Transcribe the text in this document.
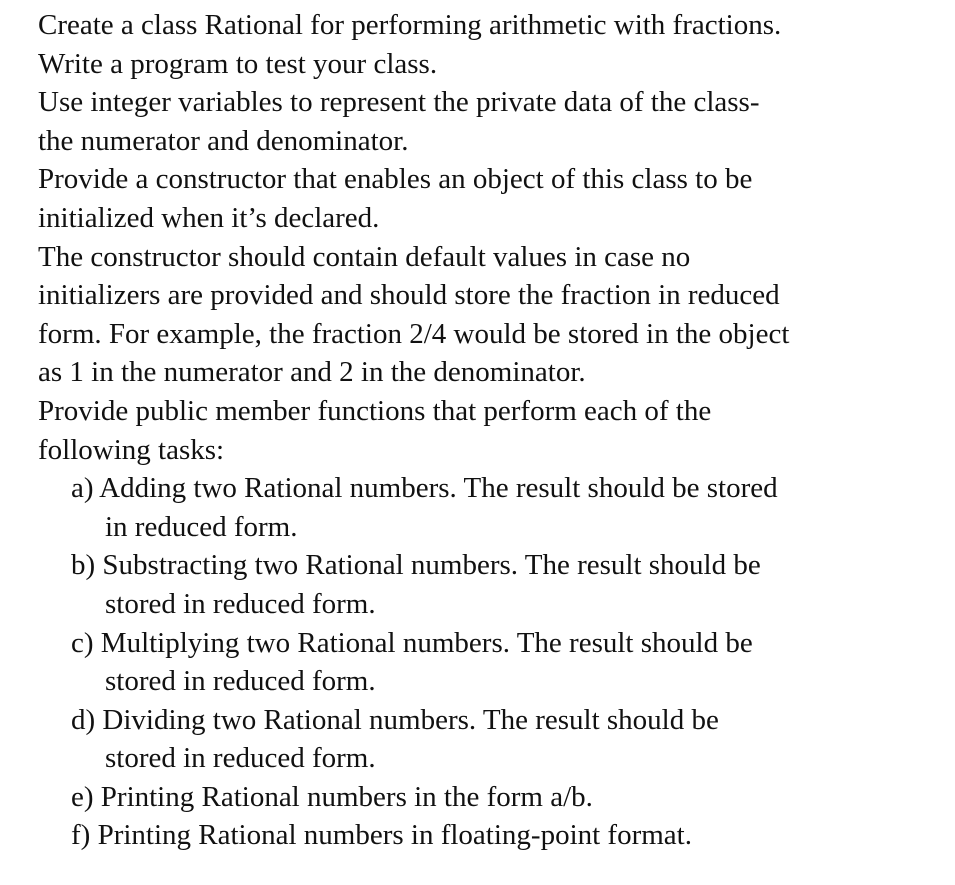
Create a class Rational for performing arithmetic with fractions.
Write a program to test your class.
Use integer variables to represent the private data of the class-
the numerator and denominator.
Provide a constructor that enables an object of this class to be
initialized when it’s declared.
The constructor should contain default values in case no
initializers are provided and should store the fraction in reduced
form. For example, the fraction 2/4 would be stored in the object
as 1 in the numerator and 2 in the denominator.
Provide public member functions that perform each of the
following tasks:
a) Adding two Rational numbers. The result should be stored
in reduced form.
b) Substracting two Rational numbers. The result should be
stored in reduced form.
c) Multiplying two Rational numbers. The result should be
stored in reduced form.
d) Dividing two Rational numbers. The result should be
stored in reduced form.
e) Printing Rational numbers in the form a/b.
f) Printing Rational numbers in floating-point format.
